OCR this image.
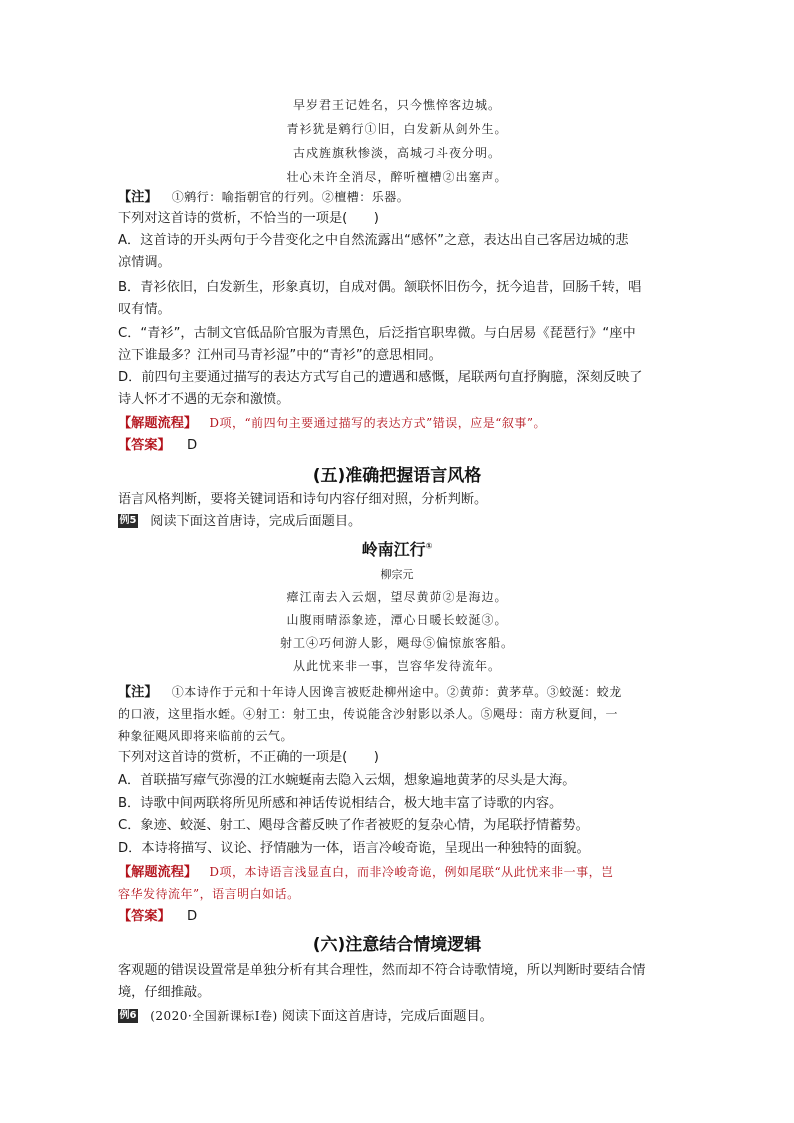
早岁君王记姓名，只今憔悴客边城。
青衫犹是鹓行①旧，白发新从剑外生。
古戍旌旗秋惨淡，高城刁斗夜分明。
壮心未许全消尽，醉听檀槽②出塞声。
【注】 ①鹓行：喻指朝官的行列。②檀槽：乐器。
下列对这首诗的赏析，不恰当的一项是(　　)
A．这首诗的开头两句于今昔变化之中自然流露出“感怀”之意，表达出自己客居边城的悲
凉情调。
B．青衫依旧，白发新生，形象真切，自成对偶。颔联怀旧伤今，抚今追昔，回肠千转，唱
叹有情。
C．“青衫”，古制文官低品阶官服为青黑色，后泛指官职卑微。与白居易《琵琶行》“座中
泣下谁最多？江州司马青衫湿”中的“青衫”的意思相同。
D．前四句主要通过描写的表达方式写自己的遭遇和感慨，尾联两句直抒胸臆，深刻反映了
诗人怀才不遇的无奈和激愤。
【解题流程】 D项，“前四句主要通过描写的表达方式”错误，应是“叙事”。
【答案】 D
(五)准确把握语言风格
语言风格判断，要将关键词语和诗句内容仔细对照，分析判断。
例5 阅读下面这首唐诗，完成后面题目。
岭南江行①
柳宗元
瘴江南去入云烟，望尽黄茆②是海边。
山腹雨晴添象迹，潭心日暖长蛟涎③。
射工④巧伺游人影，飓母⑤偏惊旅客船。
从此忧来非一事，岂容华发待流年。
【注】 ①本诗作于元和十年诗人因谗言被贬赴柳州途中。②黄茆：黄茅草。③蛟涎：蛟龙
的口液，这里指水蛭。④射工：射工虫，传说能含沙射影以杀人。⑤飓母：南方秋夏间，一
种象征飓风即将来临前的云气。
下列对这首诗的赏析，不正确的一项是(　　)
A．首联描写瘴气弥漫的江水蜿蜒南去隐入云烟，想象遍地黄茅的尽头是大海。
B．诗歌中间两联将所见所感和神话传说相结合，极大地丰富了诗歌的内容。
C．象迹、蛟涎、射工、飓母含蓄反映了作者被贬的复杂心情，为尾联抒情蓄势。
D．本诗将描写、议论、抒情融为一体，语言冷峻奇诡，呈现出一种独特的面貌。
【解题流程】 D项，本诗语言浅显直白，而非冷峻奇诡，例如尾联“从此忧来非一事，岂
容华发待流年”，语言明白如话。
【答案】 D
(六)注意结合情境逻辑
客观题的错误设置常是单独分析有其合理性，然而却不符合诗歌情境，所以判断时要结合情
境，仔细推敲。
例6 (2020·全国新课标Ⅰ卷) 阅读下面这首唐诗，完成后面题目。
